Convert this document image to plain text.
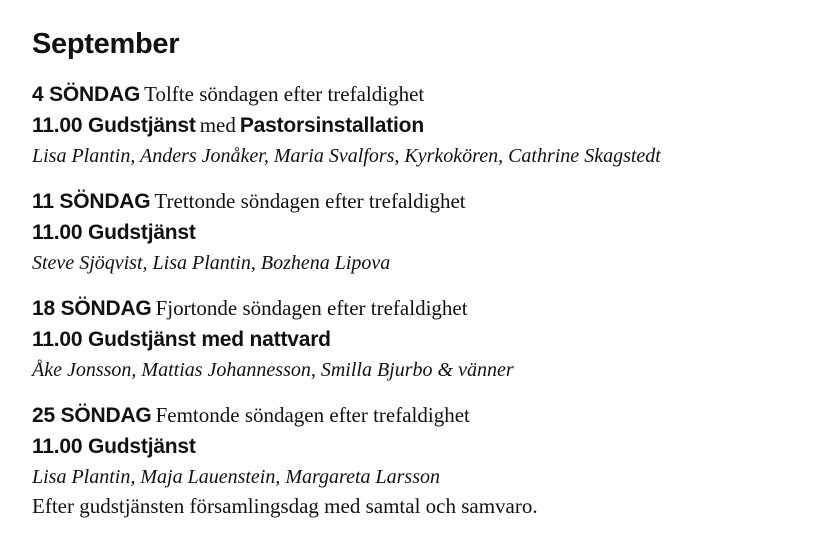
September
4 SÖNDAG Tolfte söndagen efter trefaldighet
11.00 Gudstjänst med Pastorsinstallation
Lisa Plantin, Anders Jonåker, Maria Svalfors, Kyrkokören, Cathrine Skagstedt
11 SÖNDAG Trettonde söndagen efter trefaldighet
11.00 Gudstjänst
Steve Sjöqvist, Lisa Plantin, Bozhena Lipova
18 SÖNDAG Fjortonde söndagen efter trefaldighet
11.00 Gudstjänst med nattvard
Åke Jonsson, Mattias Johannesson, Smilla Bjurbo & vänner
25 SÖNDAG Femtonde söndagen efter trefaldighet
11.00 Gudstjänst
Lisa Plantin, Maja Lauenstein, Margareta Larsson
Efter gudstjänsten församlingsdag med samtal och samvaro.
